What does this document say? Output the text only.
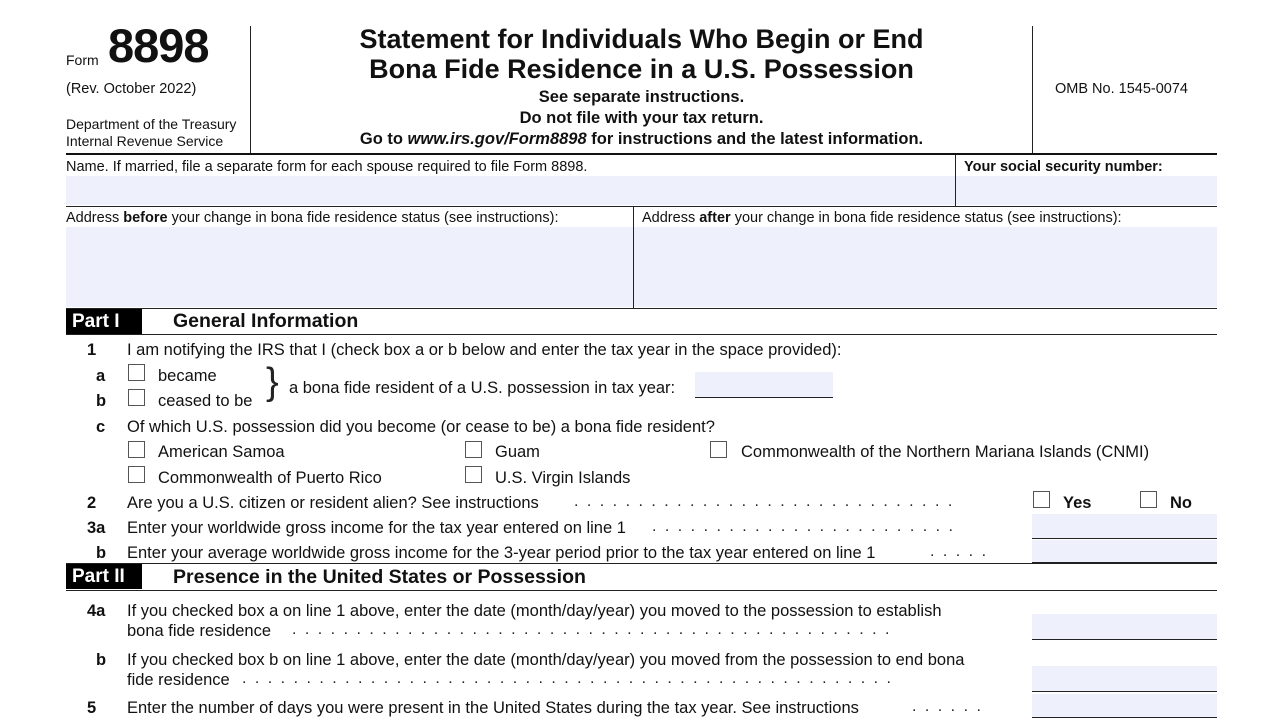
Form 8898
(Rev. October 2022)
Department of the Treasury
Internal Revenue Service
Statement for Individuals Who Begin or End
Bona Fide Residence in a U.S. Possession
See separate instructions.
Do not file with your tax return.
Go to www.irs.gov/Form8898 for instructions and the latest information.
OMB No. 1545-0074
Name. If married, file a separate form for each spouse required to file Form 8898.	Your social security number:
Address before your change in bona fide residence status (see instructions):	Address after your change in bona fide residence status (see instructions):
Part I	General Information
1 I am notifying the IRS that I (check box a or b below and enter the tax year in the space provided):
a	became
b	ceased to be } a bona fide resident of a U.S. possession in tax year:
c Of which U.S. possession did you become (or cease to be) a bona fide resident?
American Samoa	Guam	Commonwealth of the Northern Mariana Islands (CNMI)
Commonwealth of Puerto Rico	U.S. Virgin Islands
2 Are you a U.S. citizen or resident alien? See instructions . . . . . . . . . . . . . . . . . . . . . . . . . . . . . .	Yes	No
3a Enter your worldwide gross income for the tax year entered on line 1 . . . . . . . . . . . . . . . . . . . . . . . .
b Enter your average worldwide gross income for the 3-year period prior to the tax year entered on line 1	. . . . .
Part II	Presence in the United States or Possession
4a If you checked box a on line 1 above, enter the date (month/day/year) you moved to the possession to establish
bona fide residence . . . . . . . . . . . . . . . . . . . . . . . . . . . . . . . . . . . . . . . . . . . . . . .
b If you checked box b on line 1 above, enter the date (month/day/year) you moved from the possession to end bona
fide residence . . . . . . . . . . . . . . . . . . . . . . . . . . . . . . . . . . . . . . . . . . . . . . . . . . .
5 Enter the number of days you were present in the United States during the tax year. See instructions	. . . . . .
